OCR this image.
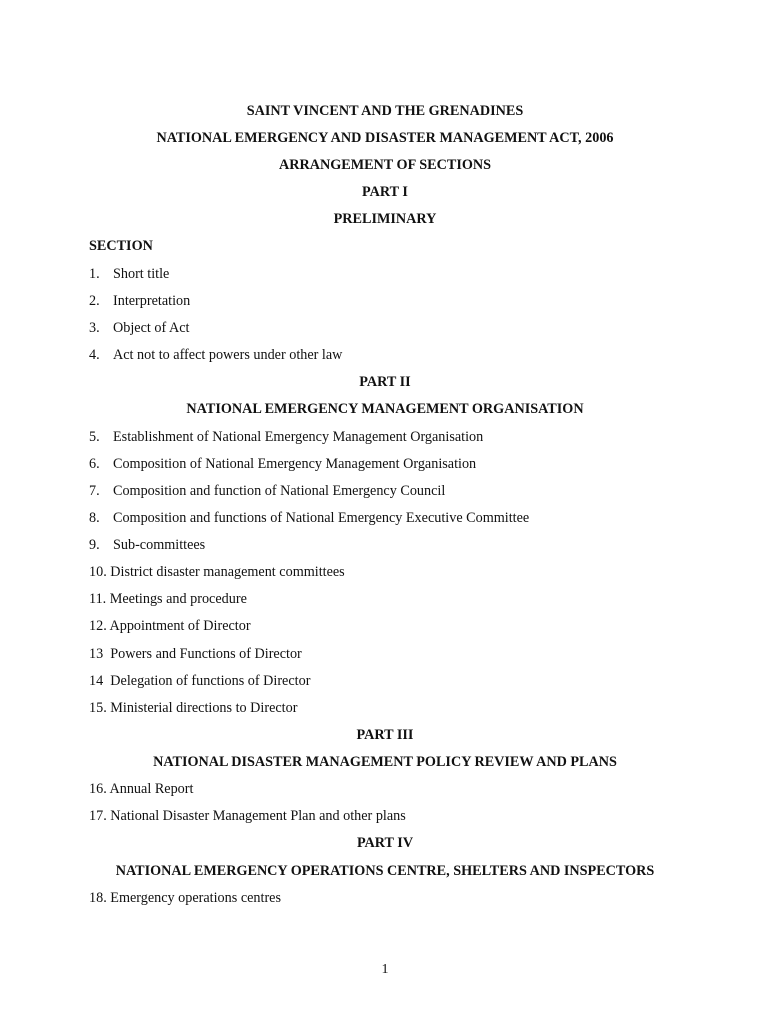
SAINT VINCENT AND THE GRENADINES
NATIONAL EMERGENCY AND DISASTER MANAGEMENT ACT, 2006
ARRANGEMENT OF SECTIONS
PART I
PRELIMINARY
SECTION
1. Short title
2. Interpretation
3. Object of Act
4. Act not to affect powers under other law
PART II
NATIONAL EMERGENCY MANAGEMENT ORGANISATION
5. Establishment of National Emergency Management Organisation
6. Composition of National Emergency Management Organisation
7. Composition and function of National Emergency Council
8. Composition and functions of National Emergency Executive Committee
9. Sub-committees
10. District disaster management committees
11. Meetings and procedure
12. Appointment of Director
13 Powers and Functions of Director
14 Delegation of functions of Director
15. Ministerial directions to Director
PART III
NATIONAL DISASTER MANAGEMENT POLICY REVIEW AND PLANS
16. Annual Report
17. National Disaster Management Plan and other plans
PART IV
NATIONAL EMERGENCY OPERATIONS CENTRE, SHELTERS AND INSPECTORS
18. Emergency operations centres
1
